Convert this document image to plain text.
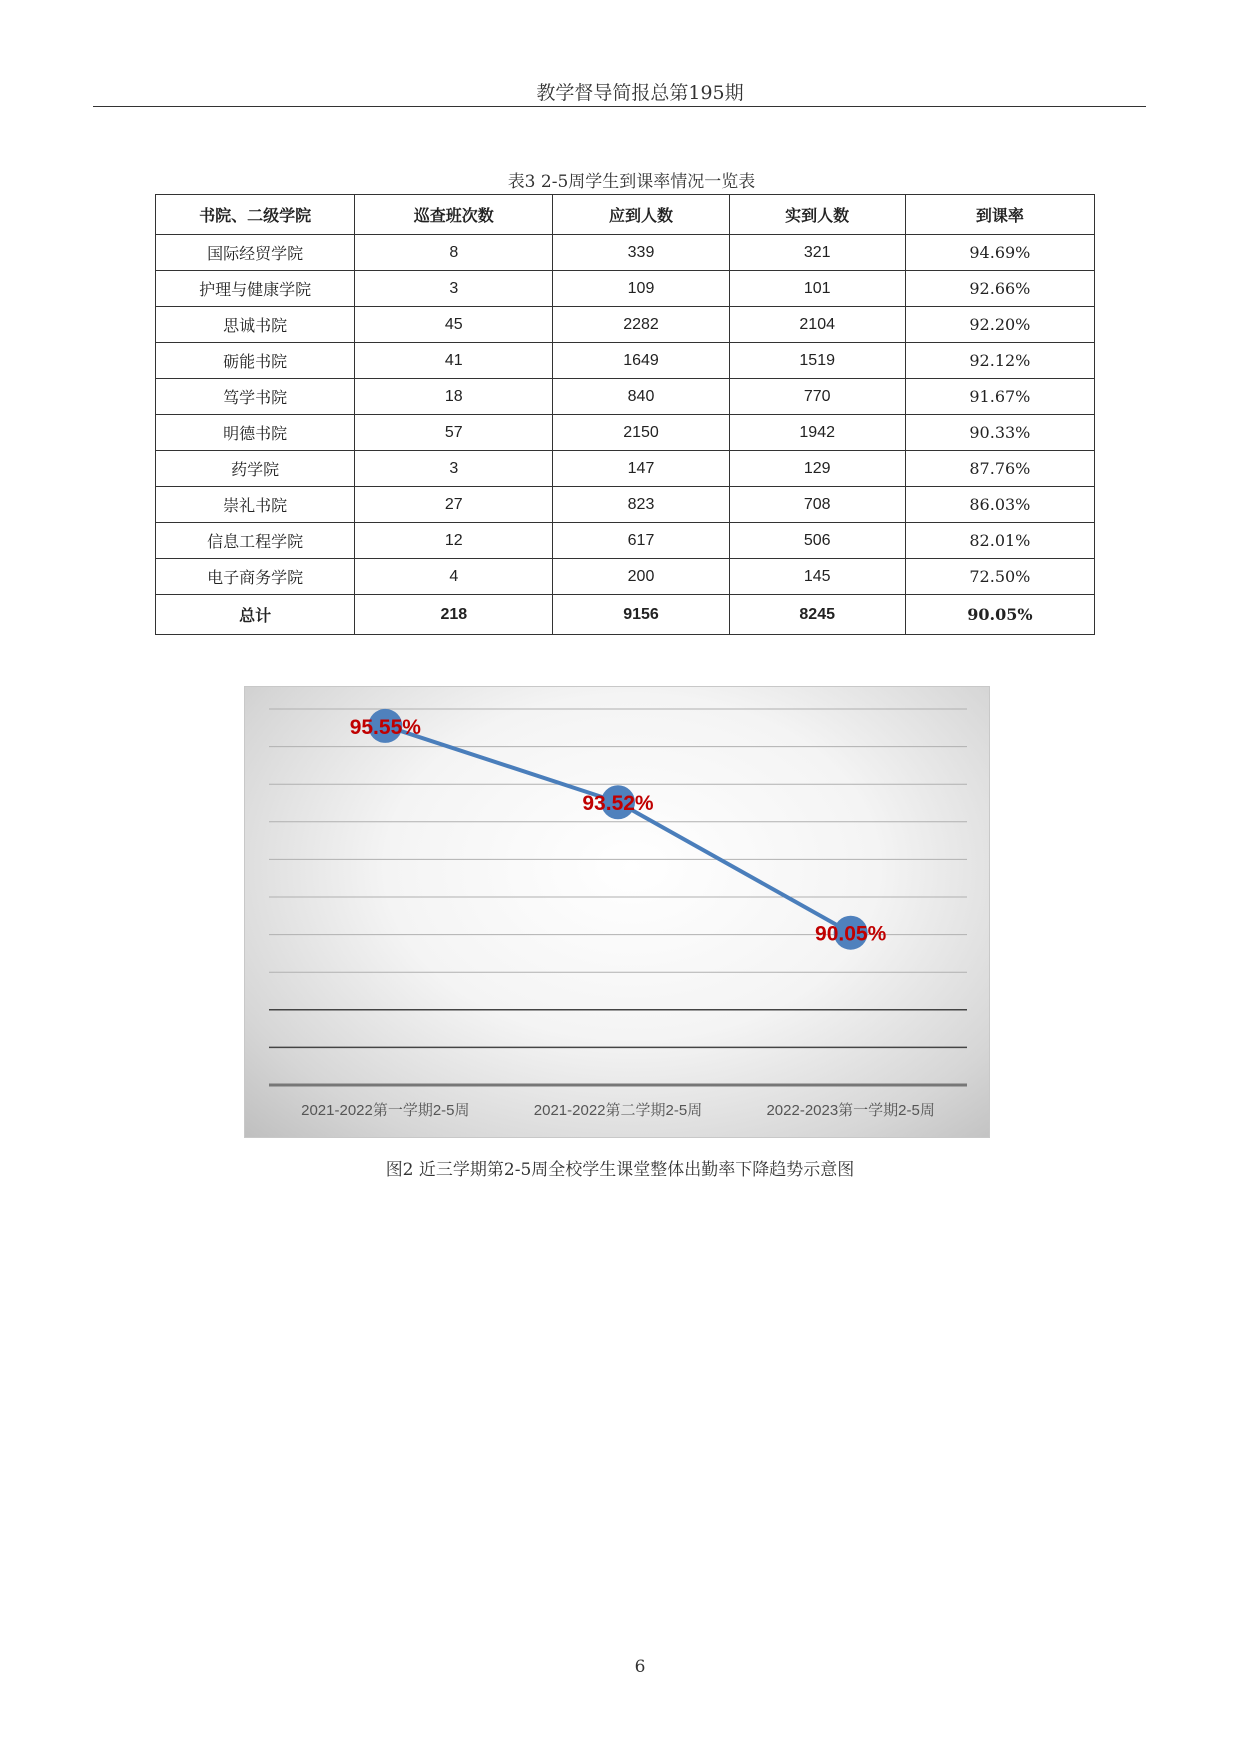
教学督导简报总第195期
表3 2-5周学生到课率情况一览表
书院、二级学院	巡查班次数	应到人数	实到人数	到课率
国际经贸学院	8	339	321	94.69%
护理与健康学院	3	109	101	92.66%
思诚书院	45	2282	2104	92.20%
砺能书院	41	1649	1519	92.12%
笃学书院	18	840	770	91.67%
明德书院	57	2150	1942	90.33%
药学院	3	147	129	87.76%
崇礼书院	27	823	708	86.03%
信息工程学院	12	617	506	82.01%
电子商务学院	4	200	145	72.50%
总计	218	9156	8245	90.05%
2021-2022第一学期2-5周	2021-2022第二学期2-5周	2022-2023第一学期2-5周
95.55%
93.52%
90.05%
图2 近三学期第2-5周全校学生课堂整体出勤率下降趋势示意图
6
